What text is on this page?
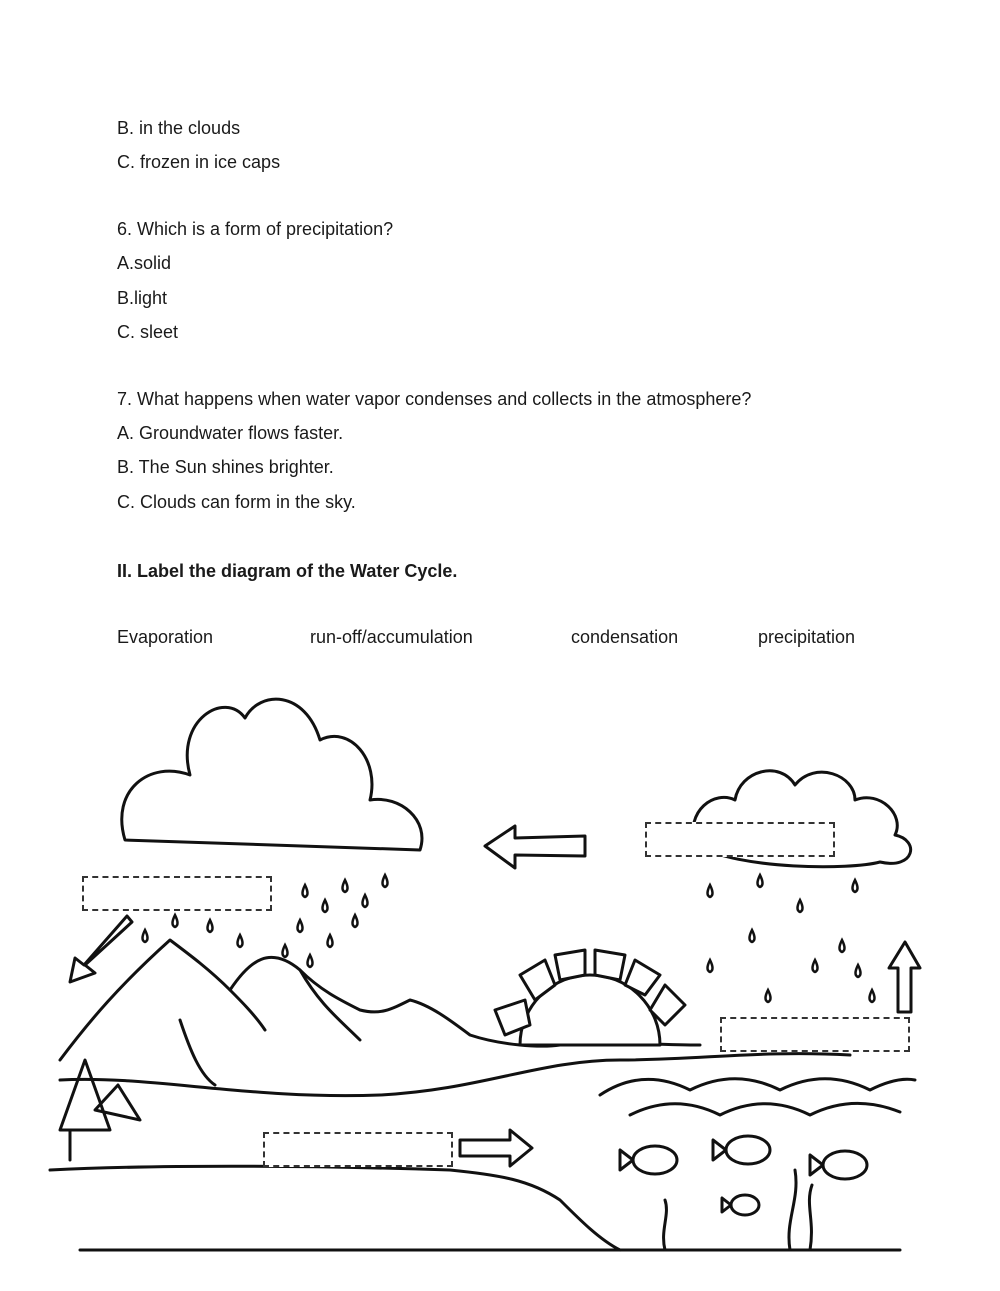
B. in the clouds
C. frozen in ice caps
6. Which is a form of precipitation?
A.solid
B.light
C. sleet
7. What happens when water vapor condenses and collects in the atmosphere?
A. Groundwater flows faster.
B. The Sun shines brighter.
C. Clouds can form in the sky.
II. Label the diagram of the Water Cycle.
Evaporation	run-off/accumulation	condensation	precipitation
